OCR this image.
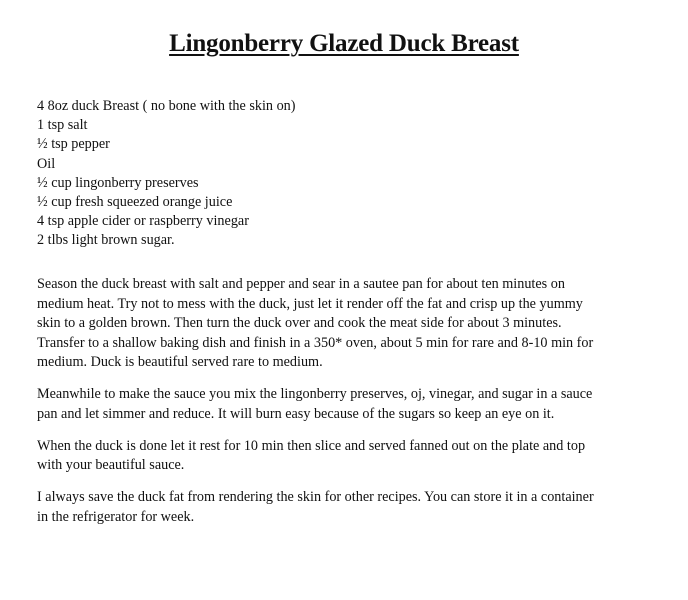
Lingonberry Glazed Duck Breast
4 8oz duck Breast ( no bone with the skin on)
1 tsp salt
½ tsp pepper
Oil
½ cup lingonberry preserves
½ cup fresh squeezed orange juice
4 tsp apple cider or raspberry vinegar
2 tlbs light brown sugar.

Season the duck breast with salt and pepper and sear in a sautee pan for about ten minutes on
medium heat. Try not to mess with the duck, just let it render off the fat and crisp up the yummy
skin to a golden brown. Then turn the duck over and cook the meat side for about 3 minutes.
Transfer to a shallow baking dish and finish in a 350* oven, about 5 min for rare and 8-10 min for
medium. Duck is beautiful served rare to medium.

Meanwhile to make the sauce you mix the lingonberry preserves, oj, vinegar, and sugar in a sauce
pan and let simmer and reduce. It will burn easy because of the sugars so keep an eye on it.

When the duck is done let it rest for 10 min then slice and served fanned out on the plate and top
with your beautiful sauce.

I always save the duck fat from rendering the skin for other recipes. You can store it in a container
in the refrigerator for week.
